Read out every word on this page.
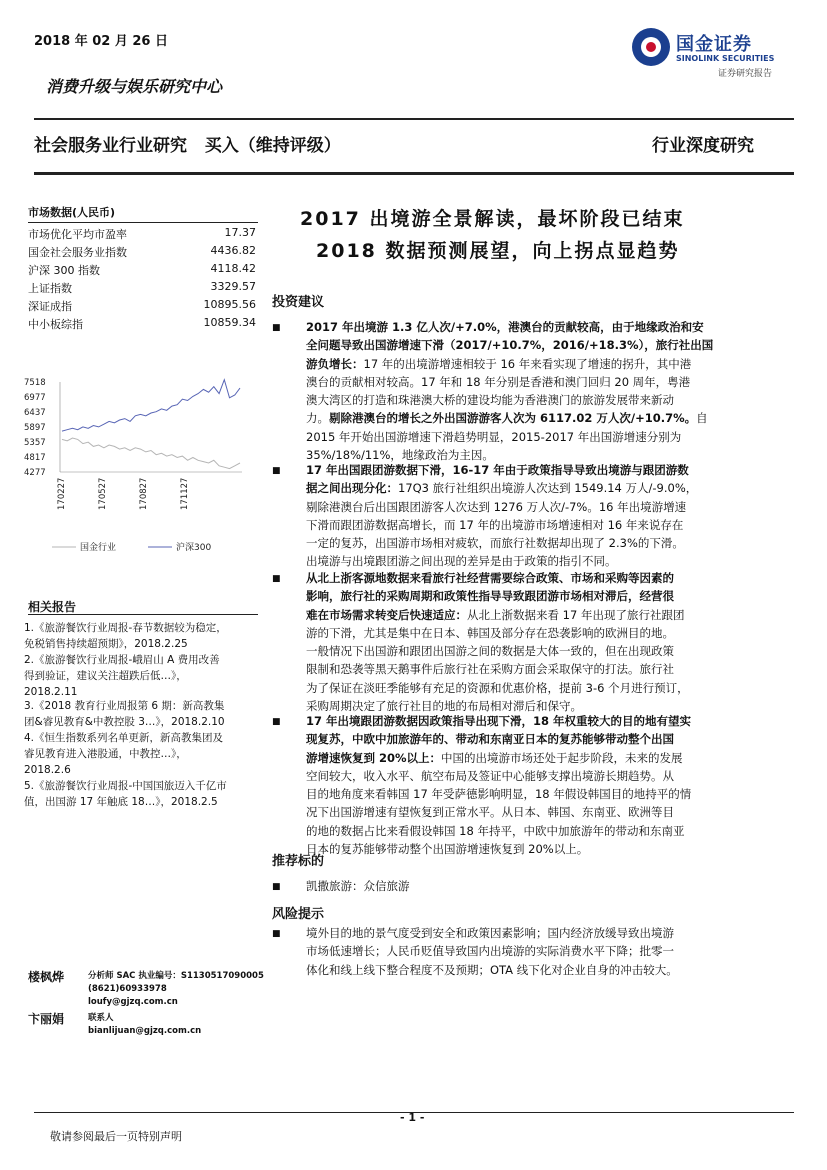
2018 年 02 月 26 日	国金证券
SINOLINK SECURITIES
证券研究报告
消费升级与娱乐研究中心
社会服务业行业研究   买入（维持评级）	行业深度研究
市场数据(人民币)
市场优化平均市盈率	17.37
国金社会服务业指数	4436.82
沪深 300 指数	4118.42
上证指数	3329.57
深证成指	10895.56
中小板综指	10859.34
7518
6977
6437
5897
5357
4817
4277
170227	170527	170827	171127
国金行业	沪深300
相关报告
1.《旅游餐饮行业周报-春节数据较为稳定，
免税销售持续超预期》，2018.2.25
2.《旅游餐饮行业周报-峨眉山 A 费用改善
得到验证，建议关注超跌后低…》，
2018.2.11
3.《2018 教育行业周报第 6 期：新高教集
团&睿见教育&中教控股 3…》，2018.2.10
4.《恒生指数系列名单更新，新高教集团及
睿见教育进入港股通，中教控…》，
2018.2.6
5.《旅游餐饮行业周报-中国国旅迈入千亿市
值，出国游 17 年触底 18…》，2018.2.5
楼枫烨	分析师 SAC 执业编号：S1130517090005
(8621)60933978
loufy@gjzq.com.cn
卞丽娟	联系人
bianlijuan@gjzq.com.cn
2017 出境游全景解读，最坏阶段已结束
2018 数据预测展望，向上拐点显趋势
投资建议
■ 2017 年出境游 1.3 亿人次/+7.0%，港澳台的贡献较高，由于地缘政治和安
全问题导致出国游增速下滑（2017/+10.7%，2016/+18.3%），旅行社出国
游负增长：17 年的出境游增速相较于 16 年来看实现了增速的拐升，其中港
澳台的贡献相对较高。17 年和 18 年分别是香港和澳门回归 20 周年，粤港
澳大湾区的打造和珠港澳大桥的建设均能为香港澳门的旅游发展带来新动
力。剔除港澳台的增长之外出国游游客人次为 6117.02 万人次/+10.7%。自
2015 年开始出国游增速下滑趋势明显，2015-2017 年出国游增速分别为
35%/18%/11%，地缘政治为主因。
■ 17 年出国跟团游数据下滑，16-17 年由于政策指导导致出境游与跟团游数
据之间出现分化：17Q3 旅行社组织出境游人次达到 1549.14 万人/-9.0%，
剔除港澳台后出国跟团游客人次达到 1276 万人次/-7%。16 年出境游增速
下滑而跟团游数据高增长，而 17 年的出境游市场增速相对 16 年来说存在
一定的复苏，出国游市场相对疲软，而旅行社数据却出现了 2.3%的下滑。
出境游与出境跟团游之间出现的差异是由于政策的指引不同。
■ 从北上浙客源地数据来看旅行社经营需要综合政策、市场和采购等因素的
影响，旅行社的采购周期和政策性指导导致跟团游市场相对滞后，经营很
难在市场需求转变后快速适应：从北上浙数据来看 17 年出现了旅行社跟团
游的下滑，尤其是集中在日本、韩国及部分存在恐袭影响的欧洲目的地。
一般情况下出国游和跟团出国游之间的数据是大体一致的，但在出现政策
限制和恐袭等黑天鹅事件后旅行社在采购方面会采取保守的打法。旅行社
为了保证在淡旺季能够有充足的资源和优惠价格，提前 3-6 个月进行预订，
采购周期决定了旅行社目的地的布局相对滞后和保守。
■ 17 年出境跟团游数据因政策指导出现下滑，18 年权重较大的目的地有望实
现复苏，中欧中加旅游年的、带动和东南亚日本的复苏能够带动整个出国
游增速恢复到 20%以上：中国的出境游市场还处于起步阶段，未来的发展
空间较大，收入水平、航空布局及签证中心能够支撑出境游长期趋势。从
目的地角度来看韩国 17 年受萨德影响明显，18 年假设韩国目的地持平的情
况下出国游增速有望恢复到正常水平。从日本、韩国、东南亚、欧洲等目
的地的数据占比来看假设韩国 18 年持平，中欧中加旅游年的带动和东南亚
日本的复苏能够带动整个出国游增速恢复到 20%以上。
推荐标的
■ 凯撒旅游：众信旅游
风险提示
■ 境外目的地的景气度受到安全和政策因素影响；国内经济放缓导致出境游
市场低速增长；人民币贬值导致国内出境游的实际消费水平下降；批零一
体化和线上线下整合程度不及预期；OTA 线下化对企业自身的冲击较大。
- 1 -
敬请参阅最后一页特别声明
